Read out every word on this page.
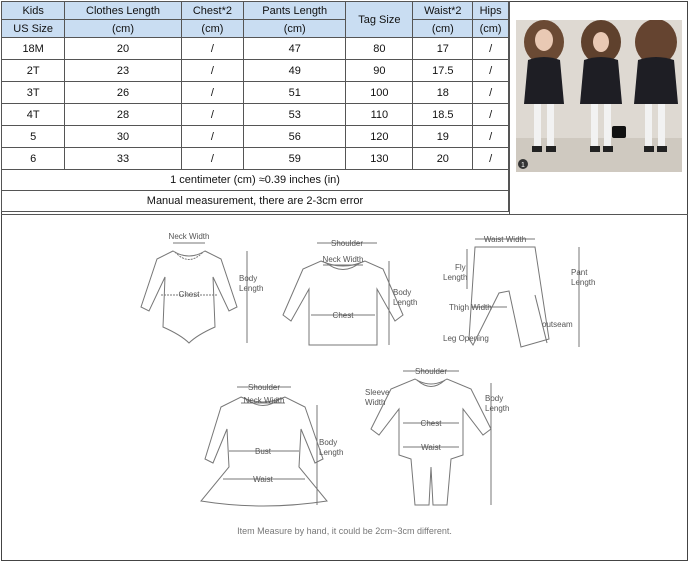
Kids	Clothes Length	Chest*2	Pants Length	Tag Size	Waist*2	Hips
US Size	(cm)	(cm)	(cm)		(cm)	(cm)
18M	20	/	47	80	17	/
2T	23	/	49	90	17.5	/
3T	26	/	51	100	18	/
4T	28	/	53	110	18.5	/
5	30	/	56	120	19	/
6	33	/	59	130	20	/
1 centimeter (cm) ≈0.39 inches (in)						
Manual measurement, there are 2-3cm error						
1
Neck Width
Chest
Body
Length
Shoulder
Neck Width
Chest
Body
Length
Waist Width
Fly
Length
Pant
Length
Thigh Width
outseam
Leg Opening
Shoulder
Neck Width
Bust
Waist
Body
Length
Shoulder
Sleeve
Width
Chest
Waist
Body
Length
Item Measure by hand, it could be 2cm~3cm different.
